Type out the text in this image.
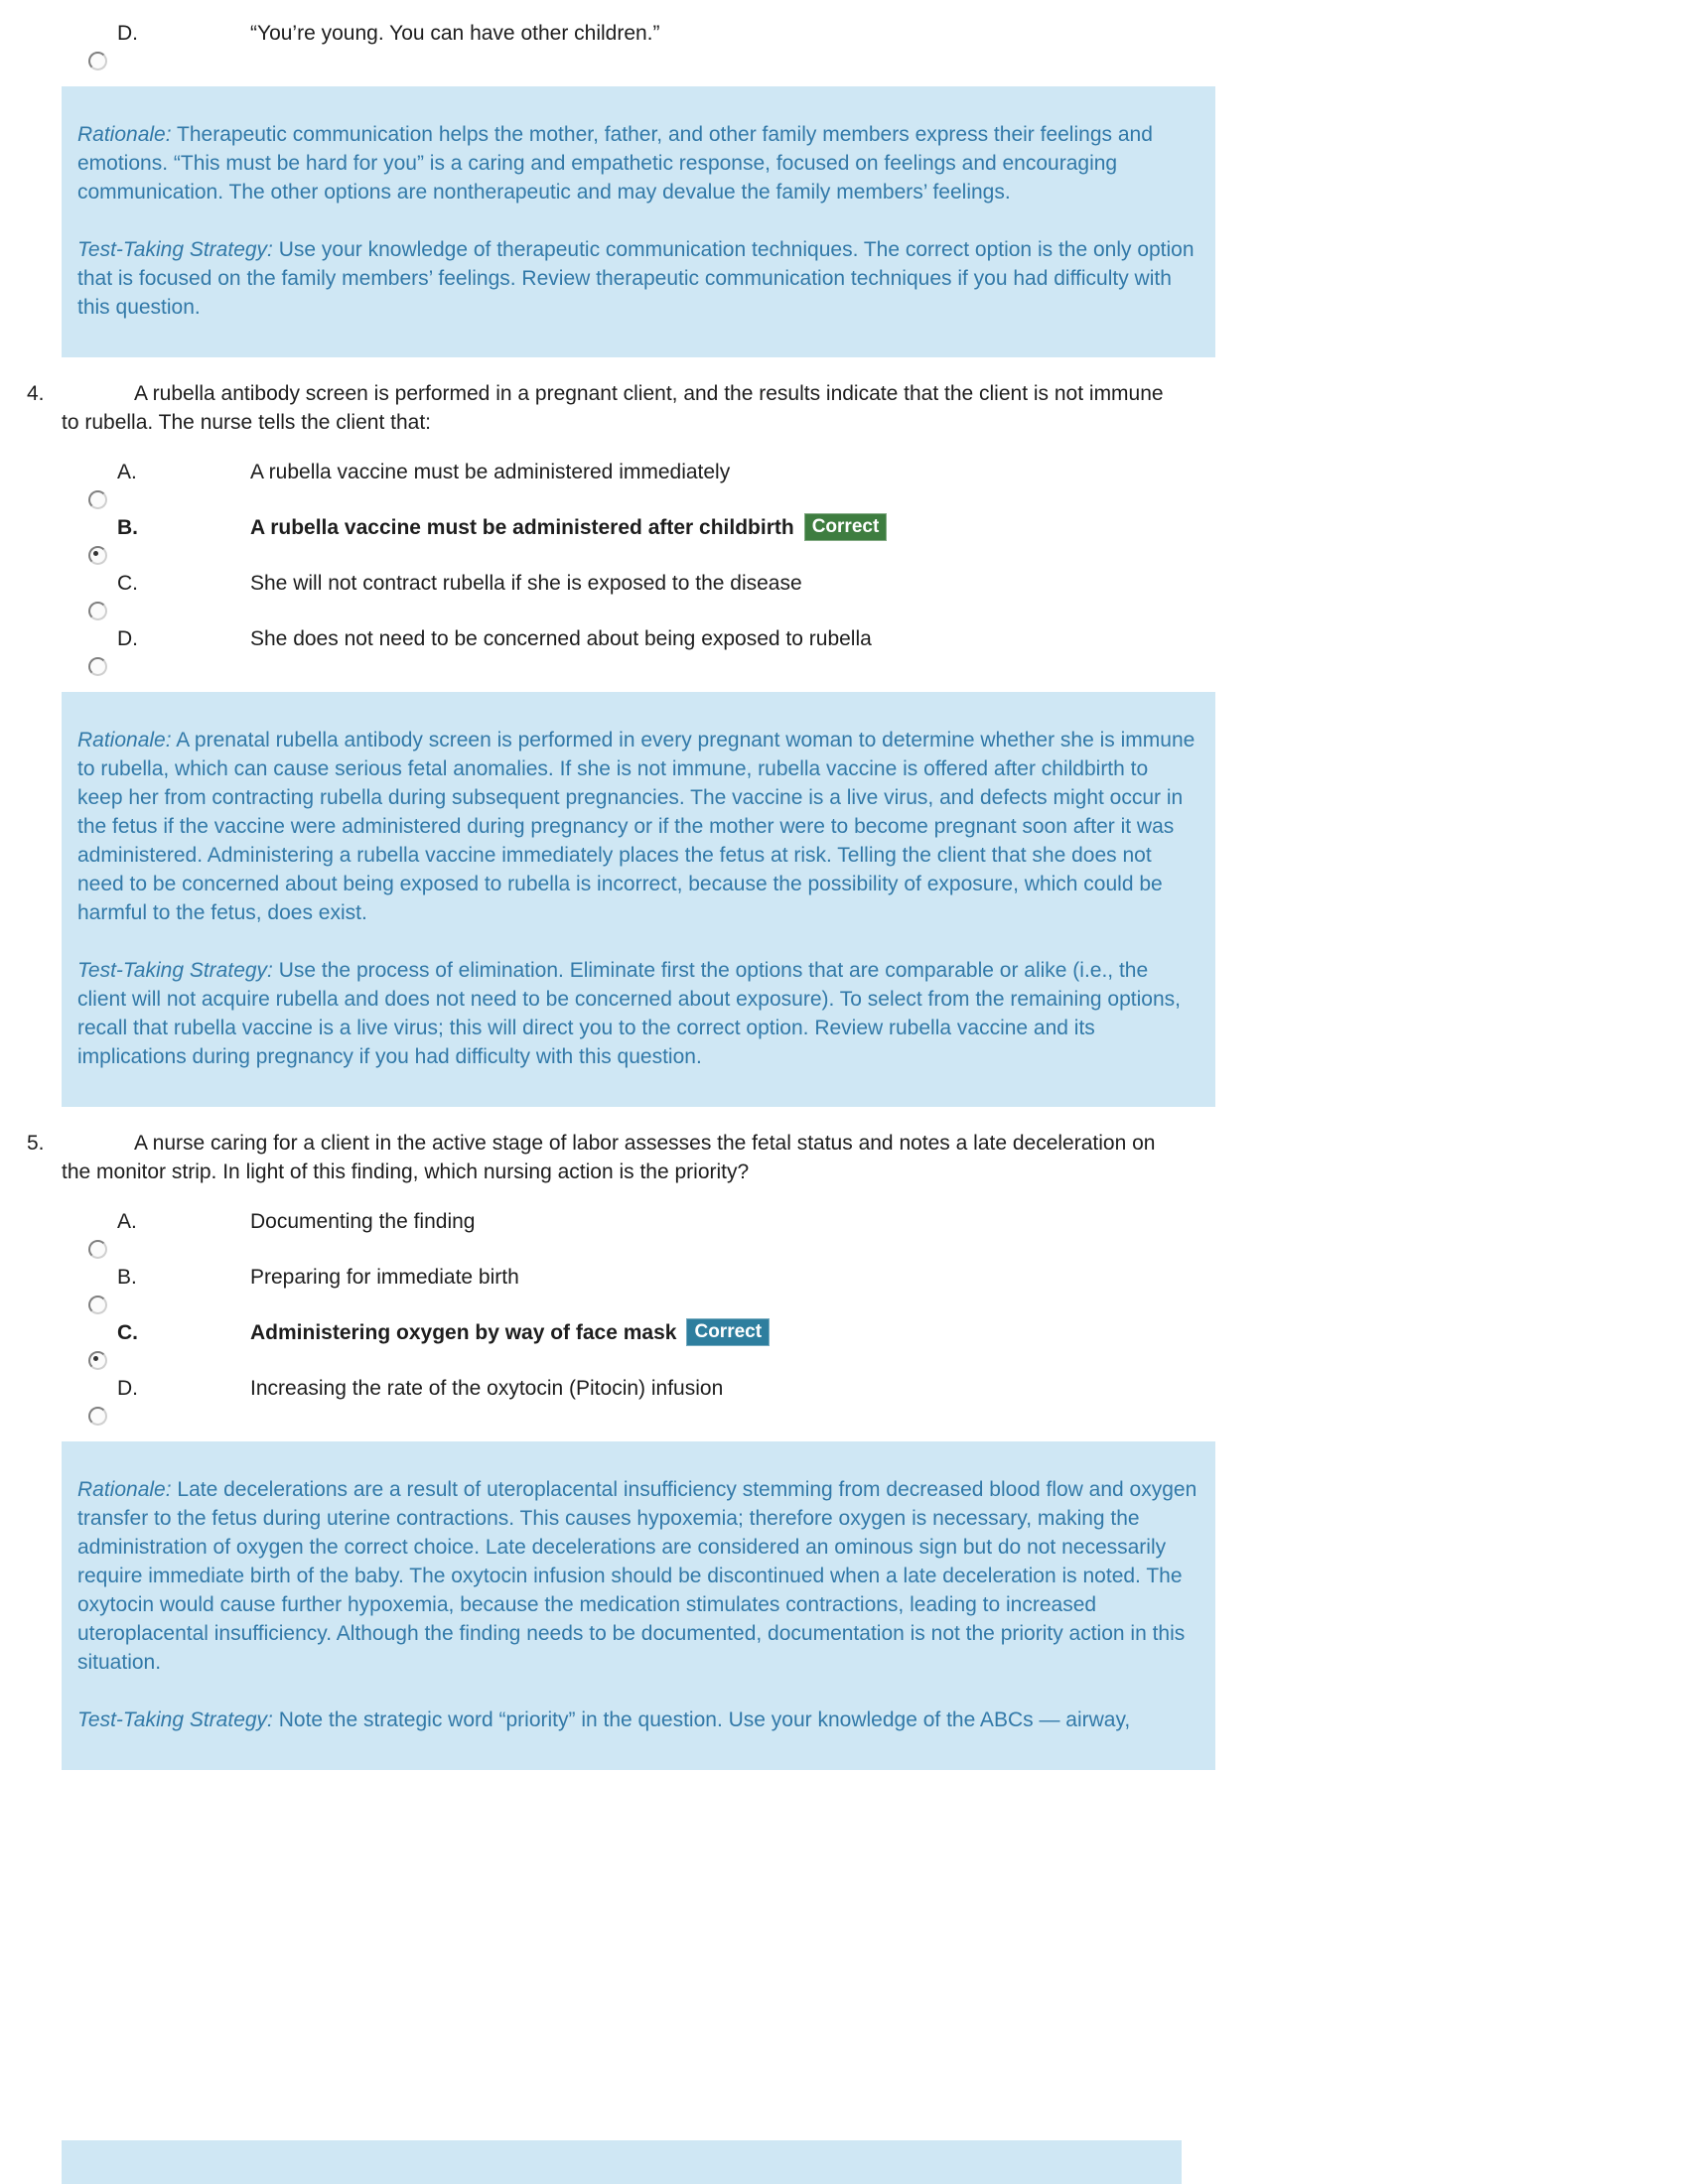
D.	“You’re young. You can have other children.”

Rationale: Therapeutic communication helps the mother, father, and other family members express their feelings and emotions. “This must be hard for you” is a caring and empathetic response, focused on feelings and encouraging communication. The other options are nontherapeutic and may devalue the family members’ feelings.

Test-Taking Strategy: Use your knowledge of therapeutic communication techniques. The correct option is the only option that is focused on the family members’ feelings. Review therapeutic communication techniques if you had difficulty with this question.

4.	A rubella antibody screen is performed in a pregnant client, and the results indicate that the client is not immune to rubella. The nurse tells the client that:

A.	A rubella vaccine must be administered immediately
B.	A rubella vaccine must be administered after childbirth Correct
C.	She will not contract rubella if she is exposed to the disease
D.	She does not need to be concerned about being exposed to rubella

Rationale: A prenatal rubella antibody screen is performed in every pregnant woman to determine whether she is immune to rubella, which can cause serious fetal anomalies. If she is not immune, rubella vaccine is offered after childbirth to keep her from contracting rubella during subsequent pregnancies. The vaccine is a live virus, and defects might occur in the fetus if the vaccine were administered during pregnancy or if the mother were to become pregnant soon after it was administered. Administering a rubella vaccine immediately places the fetus at risk. Telling the client that she does not need to be concerned about being exposed to rubella is incorrect, because the possibility of exposure, which could be harmful to the fetus, does exist.

Test-Taking Strategy: Use the process of elimination. Eliminate first the options that are comparable or alike (i.e., the client will not acquire rubella and does not need to be concerned about exposure). To select from the remaining options, recall that rubella vaccine is a live virus; this will direct you to the correct option. Review rubella vaccine and its implications during pregnancy if you had difficulty with this question.

5.	A nurse caring for a client in the active stage of labor assesses the fetal status and notes a late deceleration on the monitor strip. In light of this finding, which nursing action is the priority?

A.	Documenting the finding
B.	Preparing for immediate birth
C.	Administering oxygen by way of face mask Correct
D.	Increasing the rate of the oxytocin (Pitocin) infusion

Rationale: Late decelerations are a result of uteroplacental insufficiency stemming from decreased blood flow and oxygen transfer to the fetus during uterine contractions. This causes hypoxemia; therefore oxygen is necessary, making the administration of oxygen the correct choice. Late decelerations are considered an ominous sign but do not necessarily require immediate birth of the baby. The oxytocin infusion should be discontinued when a late deceleration is noted. The oxytocin would cause further hypoxemia, because the medication stimulates contractions, leading to increased uteroplacental insufficiency. Although the finding needs to be documented, documentation is not the priority action in this situation.

Test-Taking Strategy: Note the strategic word “priority” in the question. Use your knowledge of the ABCs — airway,
